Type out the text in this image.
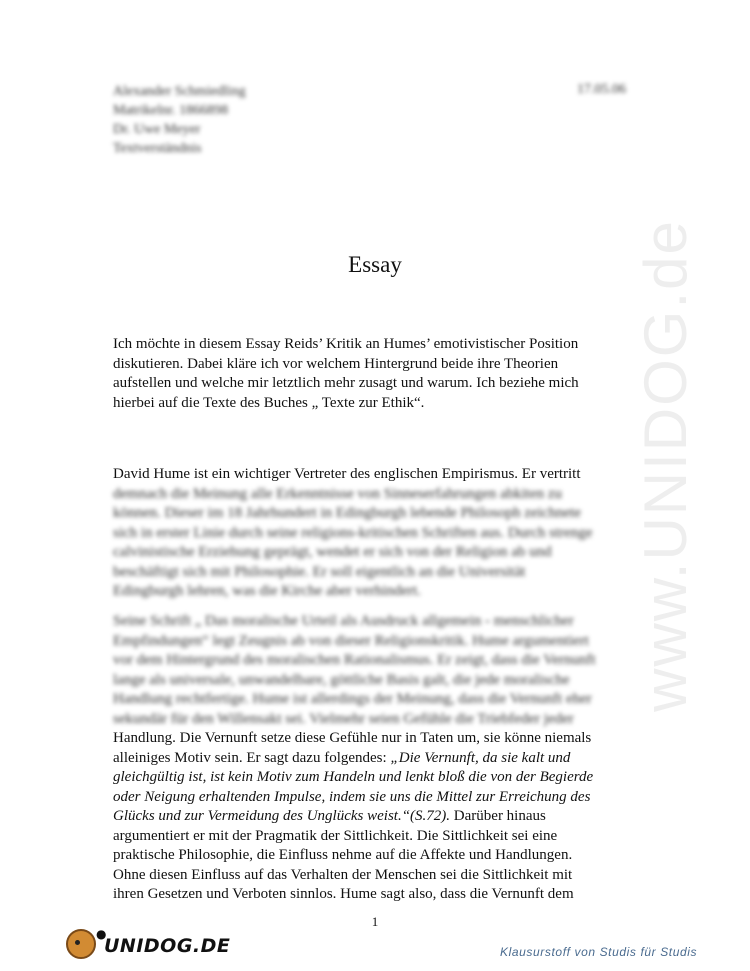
Alexander Schmiedling
Matrikelnr. 1866898
Dr. Uwe Meyer
Textverständnis
17.05.06
www.UNIDOG.de
Essay
Ich möchte in diesem Essay Reids’ Kritik an Humes’ emotivistischer Position
diskutieren. Dabei kläre ich vor welchem Hintergrund beide ihre Theorien
aufstellen und welche mir letztlich mehr zusagt und warum. Ich beziehe mich
hierbei auf die Texte des Buches „ Texte zur Ethik“.
David Hume ist ein wichtiger Vertreter des englischen Empirismus. Er vertritt
demnach die Meinung alle Erkenntnisse von Sinneserfahrungen abkiten zu
können. Dieser im 18 Jahrhundert in Edingburgh lebende Philosoph zeichnete
sich in erster Linie durch seine religions-kritischen Schriften aus. Durch strenge
calvinistische Erziehung geprägt, wendet er sich von der Religion ab und
beschäftigt sich mit Philosophie. Er soll eigentlich an die Universität
Edingburgh lehren, was die Kirche aber verhindert.
Seine Schrift „ Das moralische Urteil als Ausdruck allgemein - menschlicher
Empfindungen“ legt Zeugnis ab von dieser Religionskritik. Hume argumentiert
vor dem Hintergrund des moralischen Rationalismus. Er zeigt, dass die Vernunft
lange als universale, unwandelbare, göttliche Basis galt, die jede moralische
Handlung rechtfertige. Hume ist allerdings der Meinung, dass die Vernunft eher
sekundär für den Willensakt sei. Vielmehr seien Gefühle die Triebfeder jeder
Handlung. Die Vernunft setze diese Gefühle nur in Taten um, sie könne niemals
alleiniges Motiv sein. Er sagt dazu folgendes: „Die Vernunft, da sie kalt und
gleichgültig ist, ist kein Motiv zum Handeln und lenkt bloß die von der Begierde
oder Neigung erhaltenden Impulse, indem sie uns die Mittel zur Erreichung des
Glücks und zur Vermeidung des Unglücks weist.“(S.72). Darüber hinaus
argumentiert er mit der Pragmatik der Sittlichkeit. Die Sittlichkeit sei eine
praktische Philosophie, die Einfluss nehme auf die Affekte und Handlungen.
Ohne diesen Einfluss auf das Verhalten der Menschen sei die Sittlichkeit mit
ihren Gesetzen und Verboten sinnlos. Hume sagt also, dass die Vernunft dem
1
●
UNIDOG.DE	Klausurstoff von Studis für Studis
